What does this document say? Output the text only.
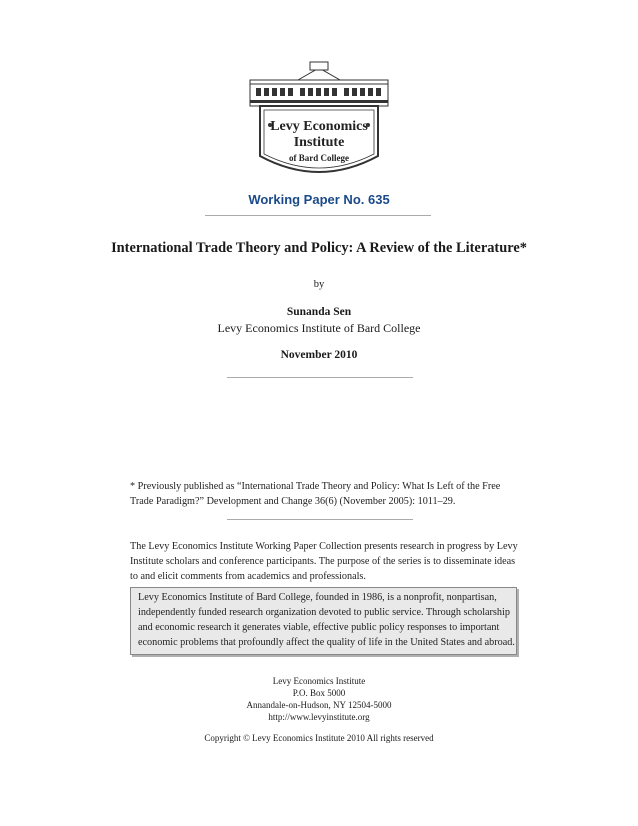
Levy Economics
Institute
of Bard College
Working Paper No. 635
International Trade Theory and Policy: A Review of the Literature*
by
Sunanda Sen
Levy Economics Institute of Bard College
November 2010
* Previously published as “International Trade Theory and Policy: What Is Left of the Free Trade Paradigm?” Development and Change 36(6) (November 2005): 1011–29.
The Levy Economics Institute Working Paper Collection presents research in progress by Levy Institute scholars and conference participants. The purpose of the series is to disseminate ideas to and elicit comments from academics and professionals.
Levy Economics Institute of Bard College, founded in 1986, is a nonprofit, nonpartisan, independently funded research organization devoted to public service. Through scholarship and economic research it generates viable, effective public policy responses to important economic problems that profoundly affect the quality of life in the United States and abroad.
Levy Economics Institute
P.O. Box 5000
Annandale-on-Hudson, NY 12504-5000
http://www.levyinstitute.org
Copyright © Levy Economics Institute 2010 All rights reserved
